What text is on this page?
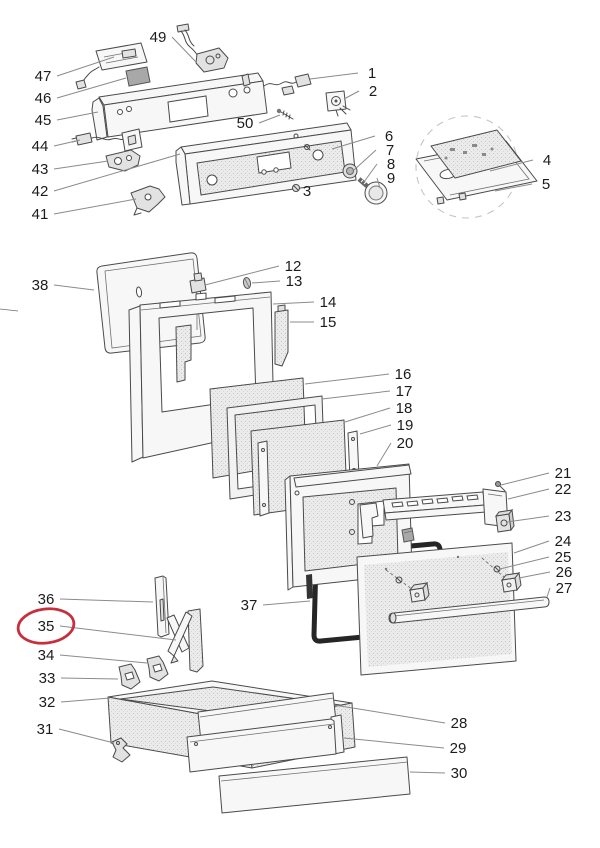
49
47
46
45
44
43
42
41
50
1
2
6
7
8
9
3
4
5
38
12
13
14
15
16
17
18
19
20
21
22
23
24
25
26
27
37
36
35
34
33
32
31	28
29
30
